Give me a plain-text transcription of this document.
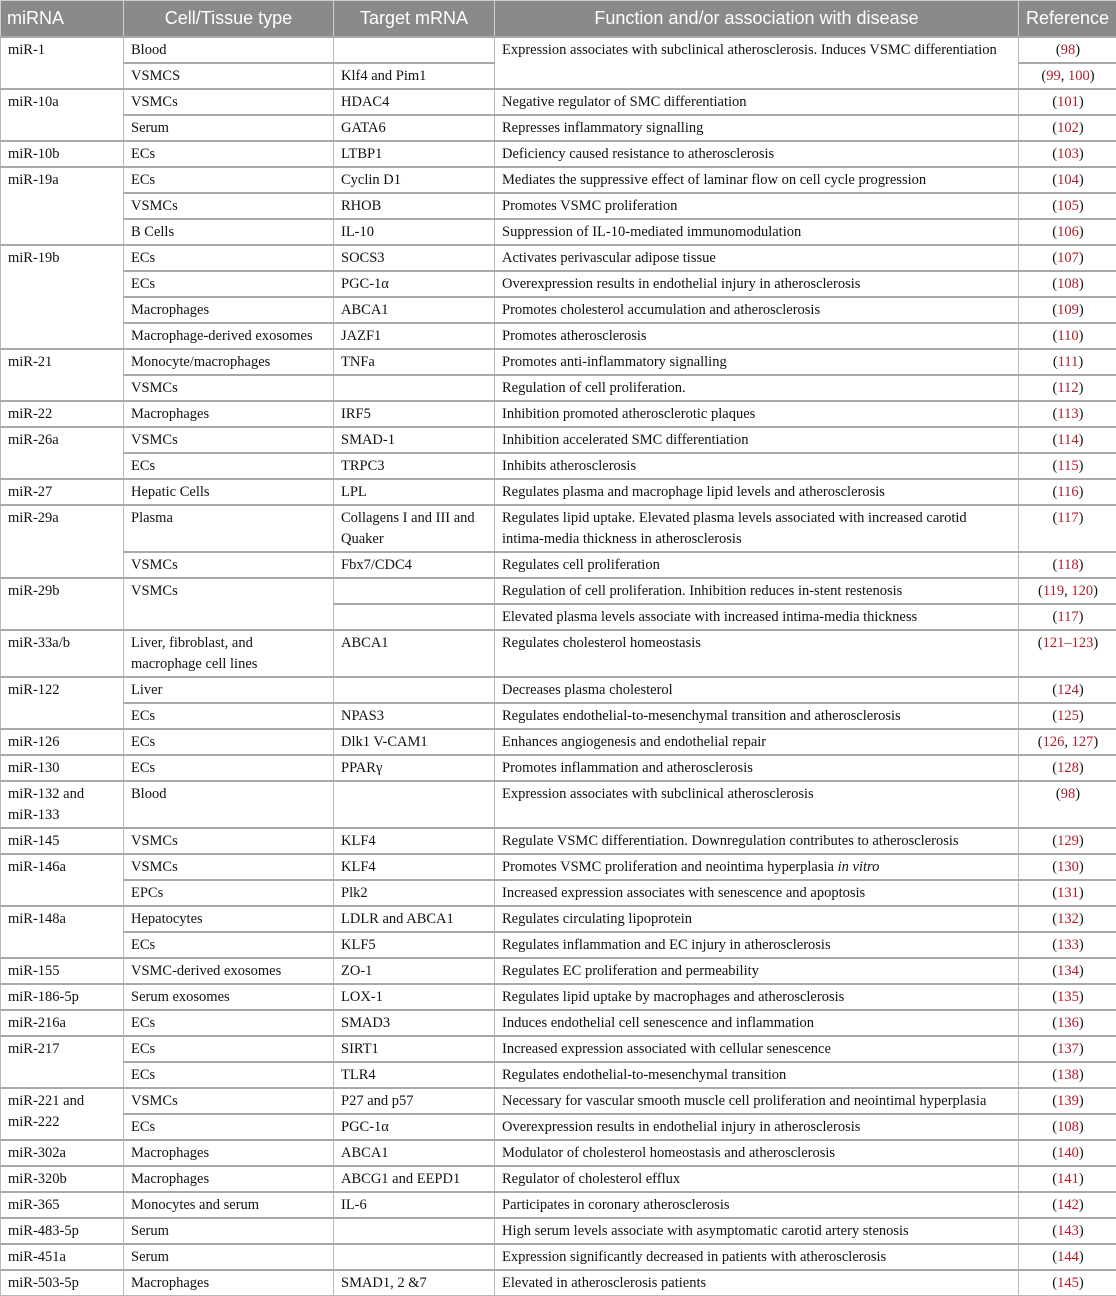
miRNA	Cell/Tissue type	Target mRNA	Function and/or association with disease	Reference
miR-1	Blood		Expression associates with subclinical atherosclerosis. Induces VSMC differentiation	(98)
	VSMCS	Klf4 and Pim1		(99, 100)
miR-10a	VSMCs	HDAC4	Negative regulator of SMC differentiation	(101)
	Serum	GATA6	Represses inflammatory signalling	(102)
miR-10b	ECs	LTBP1	Deficiency caused resistance to atherosclerosis	(103)
miR-19a	ECs	Cyclin D1	Mediates the suppressive effect of laminar flow on cell cycle progression	(104)
	VSMCs	RHOB	Promotes VSMC proliferation	(105)
	B Cells	IL-10	Suppression of IL-10-mediated immunomodulation	(106)
miR-19b	ECs	SOCS3	Activates perivascular adipose tissue	(107)
	ECs	PGC-1α	Overexpression results in endothelial injury in atherosclerosis	(108)
	Macrophages	ABCA1	Promotes cholesterol accumulation and atherosclerosis	(109)
	Macrophage-derived exosomes	JAZF1	Promotes atherosclerosis	(110)
miR-21	Monocyte/macrophages	TNFa	Promotes anti-inflammatory signalling	(111)
	VSMCs		Regulation of cell proliferation.	(112)
miR-22	Macrophages	IRF5	Inhibition promoted atherosclerotic plaques	(113)
miR-26a	VSMCs	SMAD-1	Inhibition accelerated SMC differentiation	(114)
	ECs	TRPC3	Inhibits atherosclerosis	(115)
miR-27	Hepatic Cells	LPL	Regulates plasma and macrophage lipid levels and atherosclerosis	(116)
miR-29a	Plasma	Collagens I and III and Quaker	Regulates lipid uptake. Elevated plasma levels associated with increased carotid intima-media thickness in atherosclerosis	(117)
	VSMCs	Fbx7/CDC4	Regulates cell proliferation	(118)
miR-29b	VSMCs		Regulation of cell proliferation. Inhibition reduces in-stent restenosis	(119, 120)
			Elevated plasma levels associate with increased intima-media thickness	(117)
miR-33a/b	Liver, fibroblast, and macrophage cell lines	ABCA1	Regulates cholesterol homeostasis	(121–123)
miR-122	Liver		Decreases plasma cholesterol	(124)
	ECs	NPAS3	Regulates endothelial-to-mesenchymal transition and atherosclerosis	(125)
miR-126	ECs	Dlk1 V-CAM1	Enhances angiogenesis and endothelial repair	(126, 127)
miR-130	ECs	PPARγ	Promotes inflammation and atherosclerosis	(128)
miR-132 and miR-133	Blood		Expression associates with subclinical atherosclerosis	(98)
miR-145	VSMCs	KLF4	Regulate VSMC differentiation. Downregulation contributes to atherosclerosis	(129)
miR-146a	VSMCs	KLF4	Promotes VSMC proliferation and neointima hyperplasia in vitro	(130)
	EPCs	Plk2	Increased expression associates with senescence and apoptosis	(131)
miR-148a	Hepatocytes	LDLR and ABCA1	Regulates circulating lipoprotein	(132)
	ECs	KLF5	Regulates inflammation and EC injury in atherosclerosis	(133)
miR-155	VSMC-derived exosomes	ZO-1	Regulates EC proliferation and permeability	(134)
miR-186-5p	Serum exosomes	LOX-1	Regulates lipid uptake by macrophages and atherosclerosis	(135)
miR-216a	ECs	SMAD3	Induces endothelial cell senescence and inflammation	(136)
miR-217	ECs	SIRT1	Increased expression associated with cellular senescence	(137)
	ECs	TLR4	Regulates endothelial-to-mesenchymal transition	(138)
miR-221 and miR-222	VSMCs	P27 and p57	Necessary for vascular smooth muscle cell proliferation and neointimal hyperplasia	(139)
	ECs	PGC-1α	Overexpression results in endothelial injury in atherosclerosis	(108)
miR-302a	Macrophages	ABCA1	Modulator of cholesterol homeostasis and atherosclerosis	(140)
miR-320b	Macrophages	ABCG1 and EEPD1	Regulator of cholesterol efflux	(141)
miR-365	Monocytes and serum	IL-6	Participates in coronary atherosclerosis	(142)
miR-483-5p	Serum		High serum levels associate with asymptomatic carotid artery stenosis	(143)
miR-451a	Serum		Expression significantly decreased in patients with atherosclerosis	(144)
miR-503-5p	Macrophages	SMAD1, 2 &7	Elevated in atherosclerosis patients	(145)
